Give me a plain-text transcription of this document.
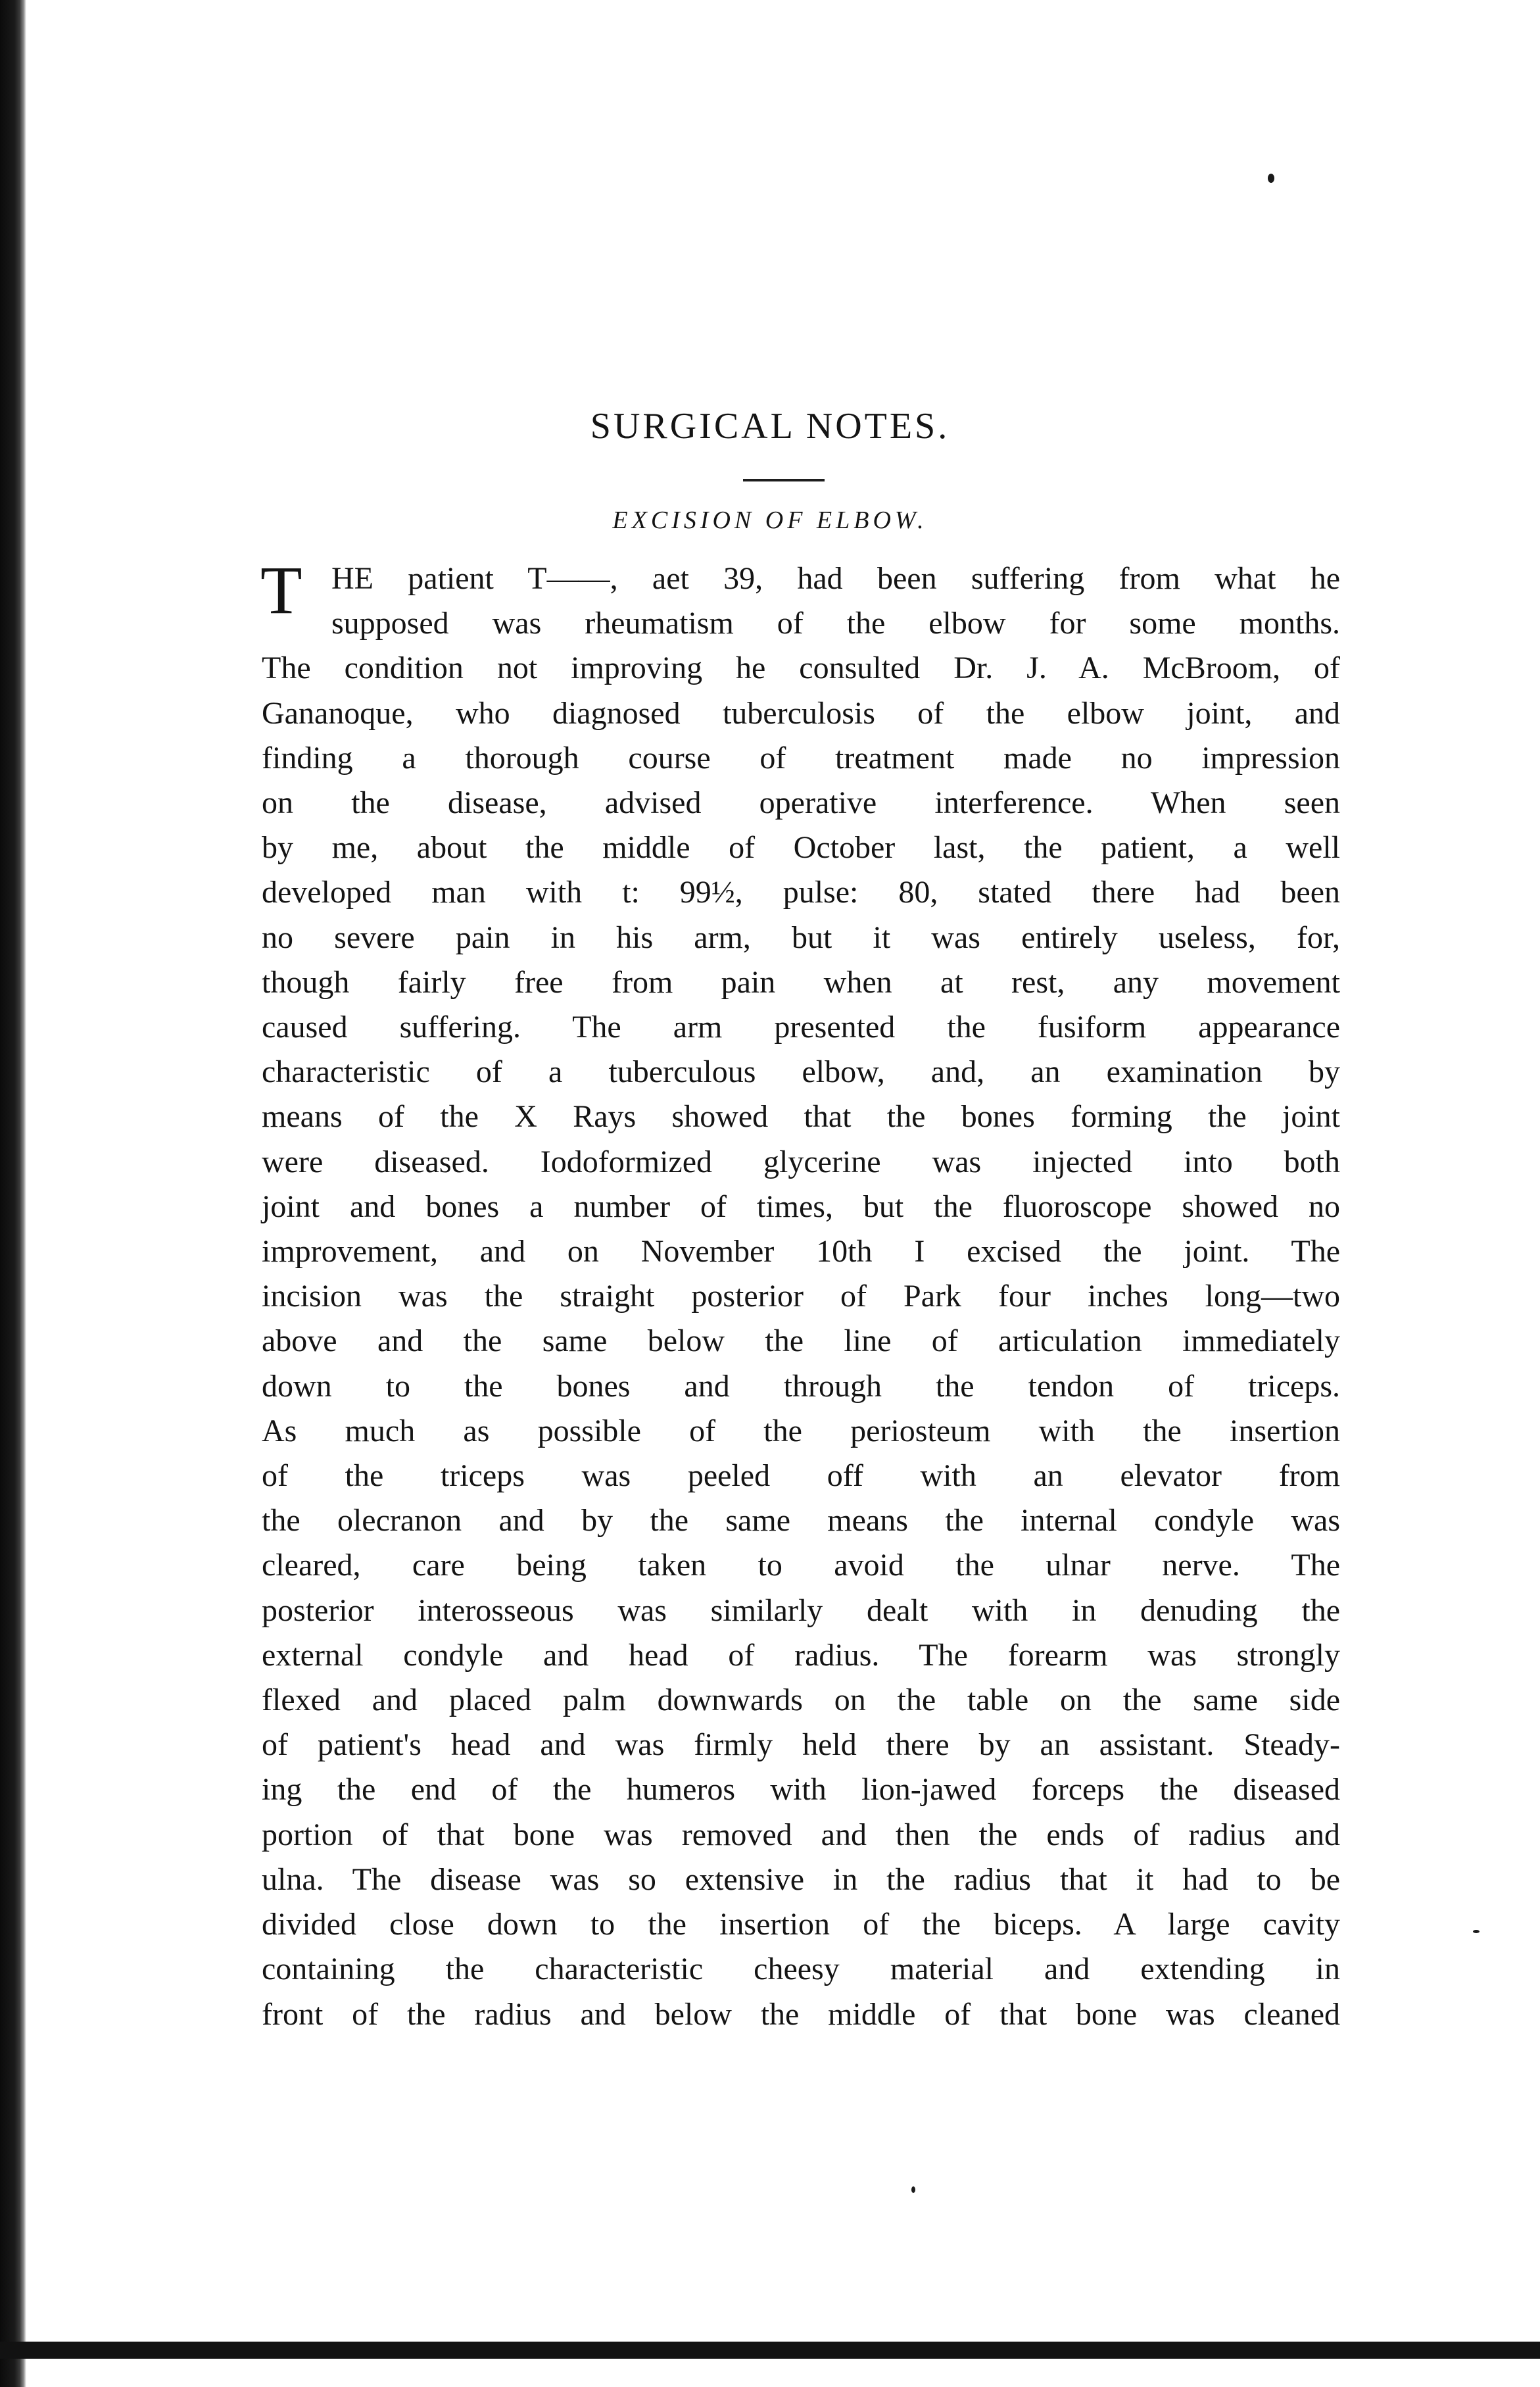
SURGICAL NOTES.
EXCISION OF ELBOW.
T HE patient T——, aet 39, had been suffering from what he
supposed was rheumatism of the elbow for some months.
The condition not improving he consulted Dr. J. A. McBroom, of
Gananoque, who diagnosed tuberculosis of the elbow joint, and
finding a thorough course of treatment made no impression
on the disease, advised operative interference. When seen
by me, about the middle of October last, the patient, a well
developed man with t: 99½, pulse: 80, stated there had been
no severe pain in his arm, but it was entirely useless, for,
though fairly free from pain when at rest, any movement
caused suffering. The arm presented the fusiform appearance
characteristic of a tuberculous elbow, and, an examination by
means of the X Rays showed that the bones forming the joint
were diseased. Iodoformized glycerine was injected into both
joint and bones a number of times, but the fluoroscope showed no
improvement, and on November 10th I excised the joint. The
incision was the straight posterior of Park four inches long—two
above and the same below the line of articulation immediately
down to the bones and through the tendon of triceps.
As much as possible of the periosteum with the insertion
of the triceps was peeled off with an elevator from
the olecranon and by the same means the internal condyle was
cleared, care being taken to avoid the ulnar nerve. The
posterior interosseous was similarly dealt with in denuding the
external condyle and head of radius. The forearm was strongly
flexed and placed palm downwards on the table on the same side
of patient's head and was firmly held there by an assistant. Steady-
ing the end of the humeros with lion-jawed forceps the diseased
portion of that bone was removed and then the ends of radius and
ulna. The disease was so extensive in the radius that it had to be
divided close down to the insertion of the biceps. A large cavity
containing the characteristic cheesy material and extending in
front of the radius and below the middle of that bone was cleaned
